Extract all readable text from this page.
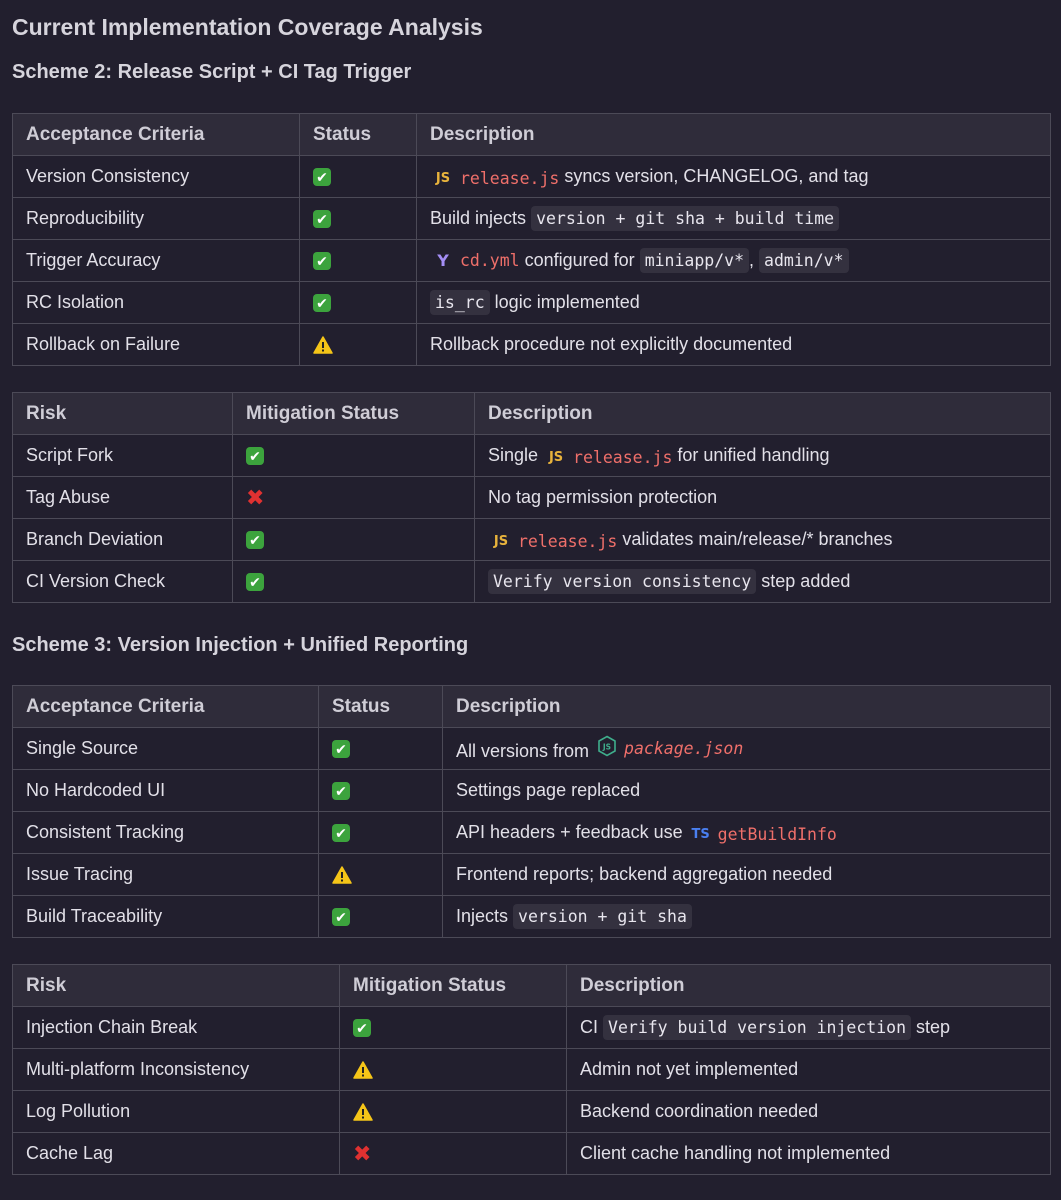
Current Implementation Coverage Analysis
Scheme 2: Release Script + CI Tag Trigger
Acceptance Criteria	Status	Description
Version Consistency	✔	JS release.js syncs version, CHANGELOG, and tag
Reproducibility	✔	Build injects version + git sha + build time
Trigger Accuracy	✔	Y cd.yml configured for miniapp/v* , admin/v*
RC Isolation	✔	is_rc logic implemented
Rollback on Failure		Rollback procedure not explicitly documented
Risk	Mitigation Status	Description
Script Fork	✔	Single JS release.js for unified handling
Tag Abuse	✖	No tag permission protection
Branch Deviation	✔	JS release.js validates main/release/* branches
CI Version Check	✔	Verify version consistency step added
Scheme 3: Version Injection + Unified Reporting
Acceptance Criteria	Status	Description
Single Source	✔	All versions from JS package.json

No Hardcoded UI	✔	Settings page replaced
Consistent Tracking	✔	API headers + feedback use TS getBuildInfo

Issue Tracing		Frontend reports; backend aggregation needed
Build Traceability	✔	Injects version + git sha
Risk	Mitigation Status	Description
Injection Chain Break	✔	CI Verify build version injection step
Multi-platform Inconsistency		Admin not yet implemented
Log Pollution		Backend coordination needed
Cache Lag	✖	Client cache handling not implemented
